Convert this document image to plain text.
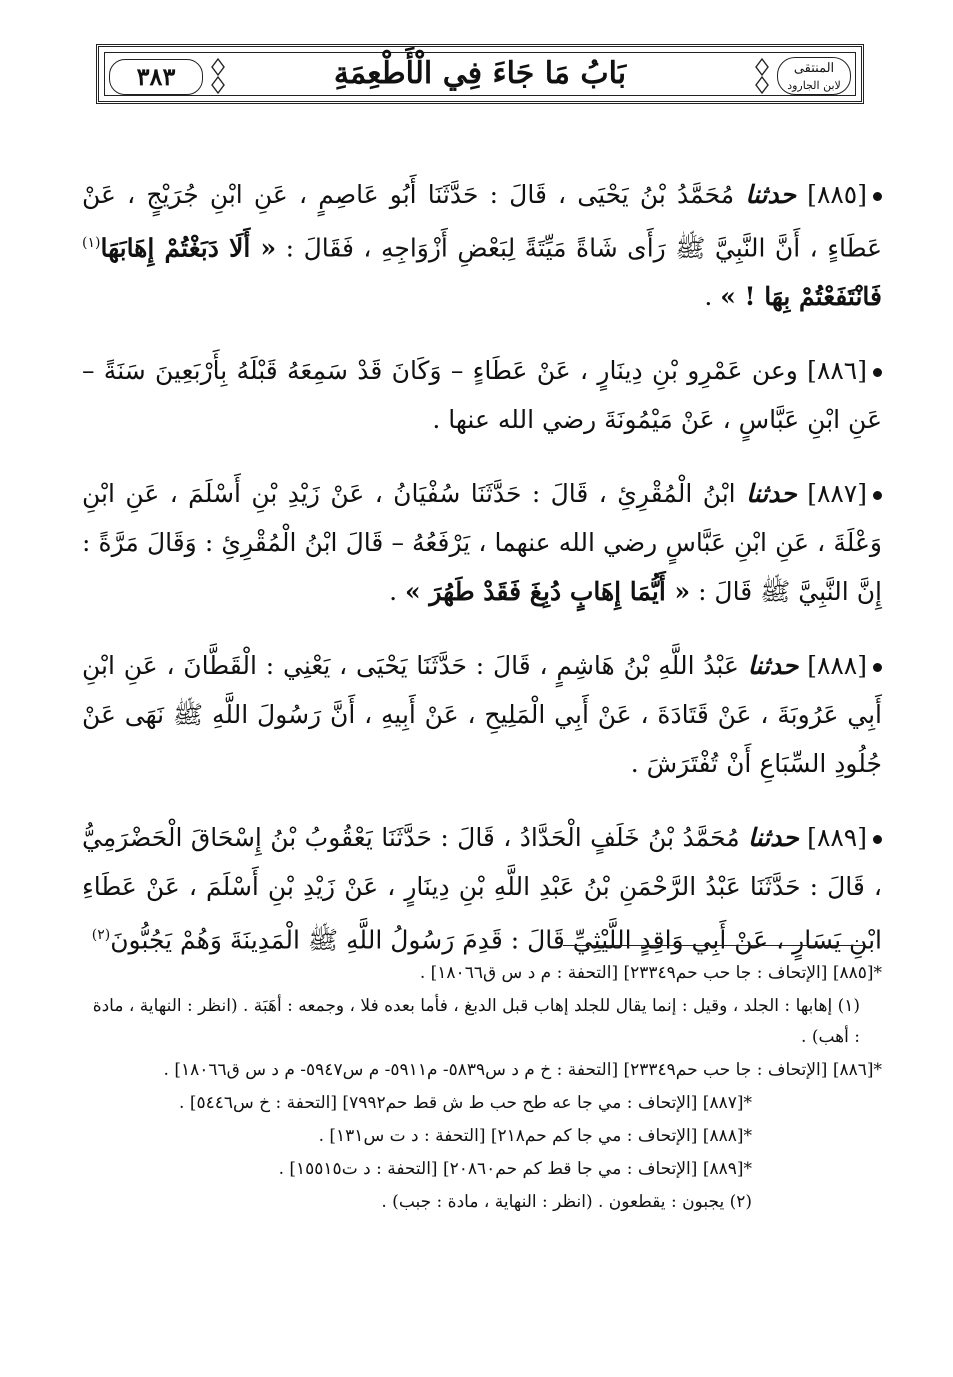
٣٨٣	بَابُ مَا جَاءَ فِي الْأَطْعِمَةِ	المنتقى
لابن الجارود

[٨٨٥] حدثنا مُحَمَّدُ بْنُ يَحْيَى ، قَالَ : حَدَّثَنَا أَبُو عَاصِمٍ ، عَنِ ابْنِ جُرَيْجٍ ، عَنْ عَطَاءٍ ، أَنَّ النَّبِيَّ ﷺ رَأَى شَاةً مَيِّتَةً لِبَعْضِ أَزْوَاجِهِ ، فَقَالَ : « أَلَا دَبَغْتُمْ إِهَابَهَا$^{(١)}$ فَانْتَفَعْتُمْ بِهَا ! » .

[٨٨٦] وعن عَمْرِو بْنِ دِينَارٍ ، عَنْ عَطَاءٍ – وَكَانَ قَدْ سَمِعَهُ قَبْلَهُ بِأَرْبَعِينَ سَنَةً – عَنِ ابْنِ عَبَّاسٍ ، عَنْ مَيْمُونَةَ رضي الله عنها .

[٨٨٧] حدثنا ابْنُ الْمُقْرِئِ ، قَالَ : حَدَّثَنَا سُفْيَانُ ، عَنْ زَيْدِ بْنِ أَسْلَمَ ، عَنِ ابْنِ وَعْلَةَ ، عَنِ ابْنِ عَبَّاسٍ رضي الله عنهما ، يَرْفَعُهُ – قَالَ ابْنُ الْمُقْرِئِ : وَقَالَ مَرَّةً : إِنَّ النَّبِيَّ ﷺ قَالَ : « أَيُّمَا إِهَابٍ دُبِغَ فَقَدْ طَهُرَ » .

[٨٨٨] حدثنا عَبْدُ اللَّهِ بْنُ هَاشِمٍ ، قَالَ : حَدَّثَنَا يَحْيَى ، يَعْنِي : الْقَطَّانَ ، عَنِ ابْنِ أَبِي عَرُوبَةَ ، عَنْ قَتَادَةَ ، عَنْ أَبِي الْمَلِيحِ ، عَنْ أَبِيهِ ، أَنَّ رَسُولَ اللَّهِ ﷺ نَهَى عَنْ جُلُودِ السِّبَاعِ أَنْ تُفْتَرَشَ .

[٨٨٩] حدثنا مُحَمَّدُ بْنُ خَلَفٍ الْحَدَّادُ ، قَالَ : حَدَّثَنَا يَعْقُوبُ بْنُ إِسْحَاقَ الْحَضْرَمِيُّ ، قَالَ : حَدَّثَنَا عَبْدُ الرَّحْمَنِ بْنُ عَبْدِ اللَّهِ بْنِ دِينَارٍ ، عَنْ زَيْدِ بْنِ أَسْلَمَ ، عَنْ عَطَاءِ ابْنِ يَسَارٍ ، عَنْ أَبِي وَاقِدٍ اللَّيْثِيِّ قَالَ : قَدِمَ رَسُولُ اللَّهِ ﷺ الْمَدِينَةَ وَهُمْ يَجُبُّونَ$^{(٢)}$

*[٨٨٥] [الإتحاف : جا حب حم٢٣٣٤٩] [التحفة : م د س ق١٨٠٦٦] .

(١) إهابها : الجلد ، وقيل : إنما يقال للجلد إهاب قبل الدبغ ، فأما بعده فلا ، وجمعه : أهَبَة . (انظر : النهاية ، مادة : أهب) .

*[٨٨٦] [الإتحاف : جا حب حم٢٣٣٤٩] [التحفة : خ م د س٥٨٣٩- م٥٩١١- م س٥٩٤٧- م د س ق١٨٠٦٦] .

*[٨٨٧] [الإتحاف : مي جا عه طح حب ط ش قط حم٧٩٩٢] [التحفة : خ س٥٤٤٦] .

*[٨٨٨] [الإتحاف : مي جا كم حم٢١٨] [التحفة : د ت س١٣١] .

*[٨٨٩] [الإتحاف : مي جا قط كم حم٢٠٨٦٠] [التحفة : د ت١٥٥١٥] .

(٢) يجبون : يقطعون . (انظر : النهاية ، مادة : جبب) .
